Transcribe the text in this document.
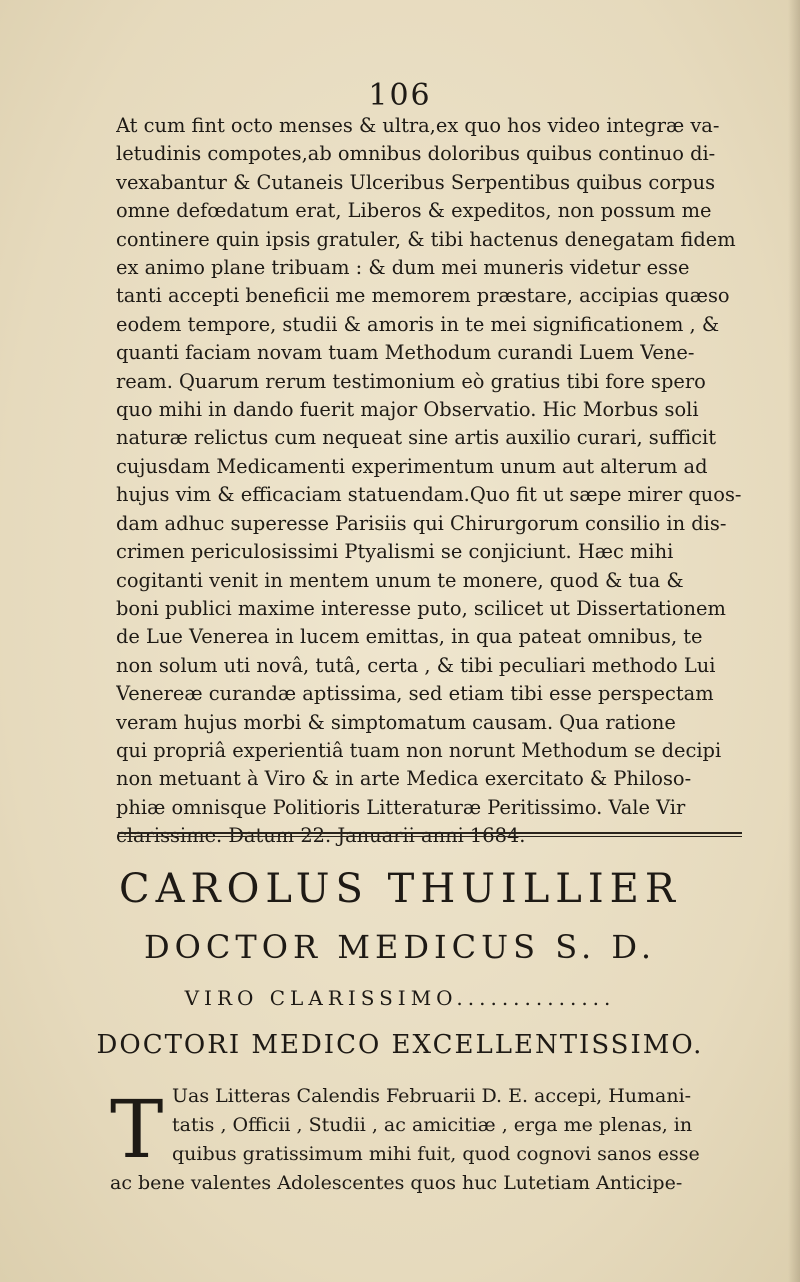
106
At cum fint octo menses & ultra,ex quo hos video integræ va-
letudinis compotes,ab omnibus doloribus quibus continuo di-
vexabantur & Cutaneis Ulceribus Serpentibus quibus corpus
omne defœdatum erat, Liberos & expeditos, non possum me
continere quin ipsis gratuler, & tibi hactenus denegatam fidem
ex animo plane tribuam : & dum mei muneris videtur esse
tanti accepti beneficii me memorem præstare, accipias quæso
eodem tempore, studii & amoris in te mei significationem , &
quanti faciam novam tuam Methodum curandi Luem Vene-
ream. Quarum rerum testimonium eò gratius tibi fore spero
quo mihi in dando fuerit major Observatio. Hic Morbus soli
naturæ relictus cum nequeat sine artis auxilio curari, sufficit
cujusdam Medicamenti experimentum unum aut alterum ad
hujus vim & efficaciam statuendam.Quo fit ut sæpe mirer quos-
dam adhuc superesse Parisiis qui Chirurgorum consilio in dis-
crimen periculosissimi Ptyalismi se conjiciunt. Hæc mihi
cogitanti venit in mentem unum te monere, quod & tua &
boni publici maxime interesse puto, scilicet ut Dissertationem
de Lue Venerea in lucem emittas, in qua pateat omnibus, te
non solum uti novâ, tutâ, certa , & tibi peculiari methodo Lui
Venereæ curandæ aptissima, sed etiam tibi esse perspectam
veram hujus morbi & simptomatum causam. Qua ratione
qui propriâ experientiâ tuam non norunt Methodum se decipi
non metuant à Viro & in arte Medica exercitato & Philoso-
phiæ omnisque Politioris Litteraturæ Peritissimo. Vale Vir
clarissime. Datum 22. Januarii anni 1684.
CAROLUS THUILLIER
DOCTOR MEDICUS S. D.
VIRO CLARISSIMO..............
DOCTORI MEDICO EXCELLENTISSIMO.
T Uas Litteras Calendis Februarii D. E. accepi, Humani-
tatis , Officii , Studii , ac amicitiæ , erga me plenas, in
quibus gratissimum mihi fuit, quod cognovi sanos esse
ac bene valentes Adolescentes quos huc Lutetiam Anticipe-
